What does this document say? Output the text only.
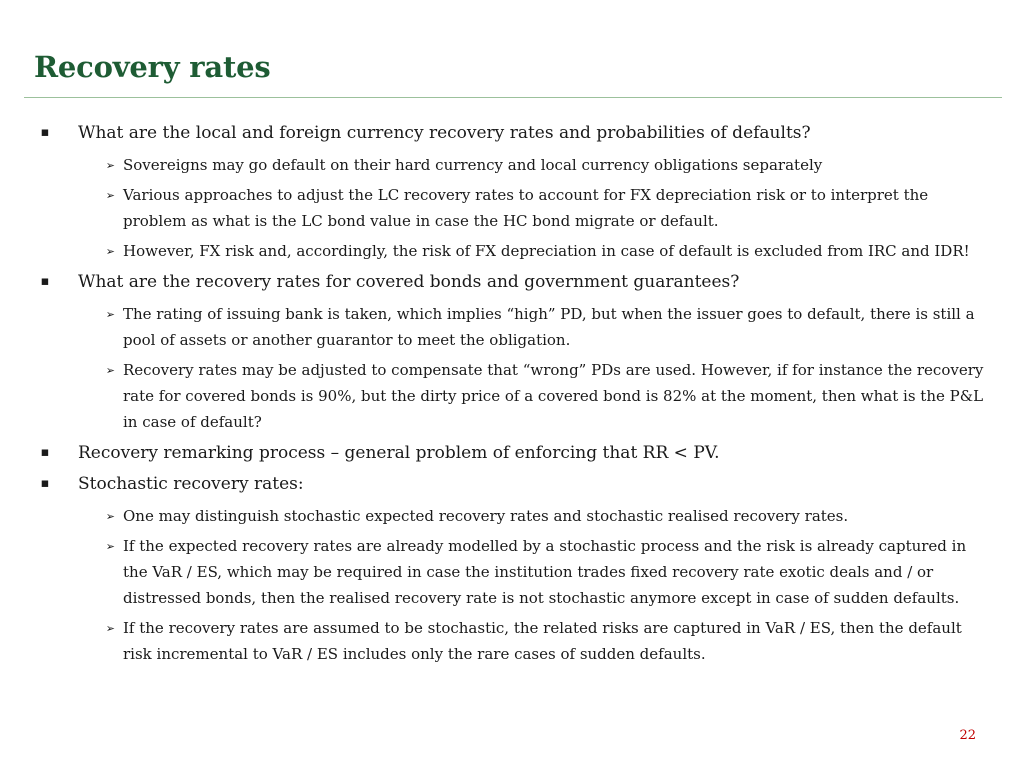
Recovery rates
▪ What are the local and foreign currency recovery rates and probabilities of defaults?
➢ Sovereigns may go default on their hard currency and local currency obligations separately
➢ Various approaches to adjust the LC recovery rates to account for FX depreciation risk or to interpret the problem as what is the LC bond value in case the HC bond migrate or default.
➢ However, FX risk and, accordingly, the risk of FX depreciation in case of default is excluded from IRC and IDR!
▪ What are the recovery rates for covered bonds and government guarantees?
➢ The rating of issuing bank is taken, which implies “high” PD, but when the issuer goes to default, there is still a pool of assets or another guarantor to meet the obligation.
➢ Recovery rates may be adjusted to compensate that “wrong” PDs are used. However, if for instance the recovery rate for covered bonds is 90%, but the dirty price of a covered bond is 82% at the moment, then what is the P&L in case of default?
▪ Recovery remarking process – general problem of enforcing that RR < PV.
▪ Stochastic recovery rates:
➢ One may distinguish stochastic expected recovery rates and stochastic realised recovery rates.
➢ If the expected recovery rates are already modelled by a stochastic process and the risk is already captured in the VaR / ES, which may be required in case the institution trades fixed recovery rate exotic deals and / or distressed bonds, then the realised recovery rate is not stochastic anymore except in case of sudden defaults.
➢ If the recovery rates are assumed to be stochastic, the related risks are captured in VaR / ES, then the default risk incremental to VaR / ES includes only the rare cases of sudden defaults.
22
